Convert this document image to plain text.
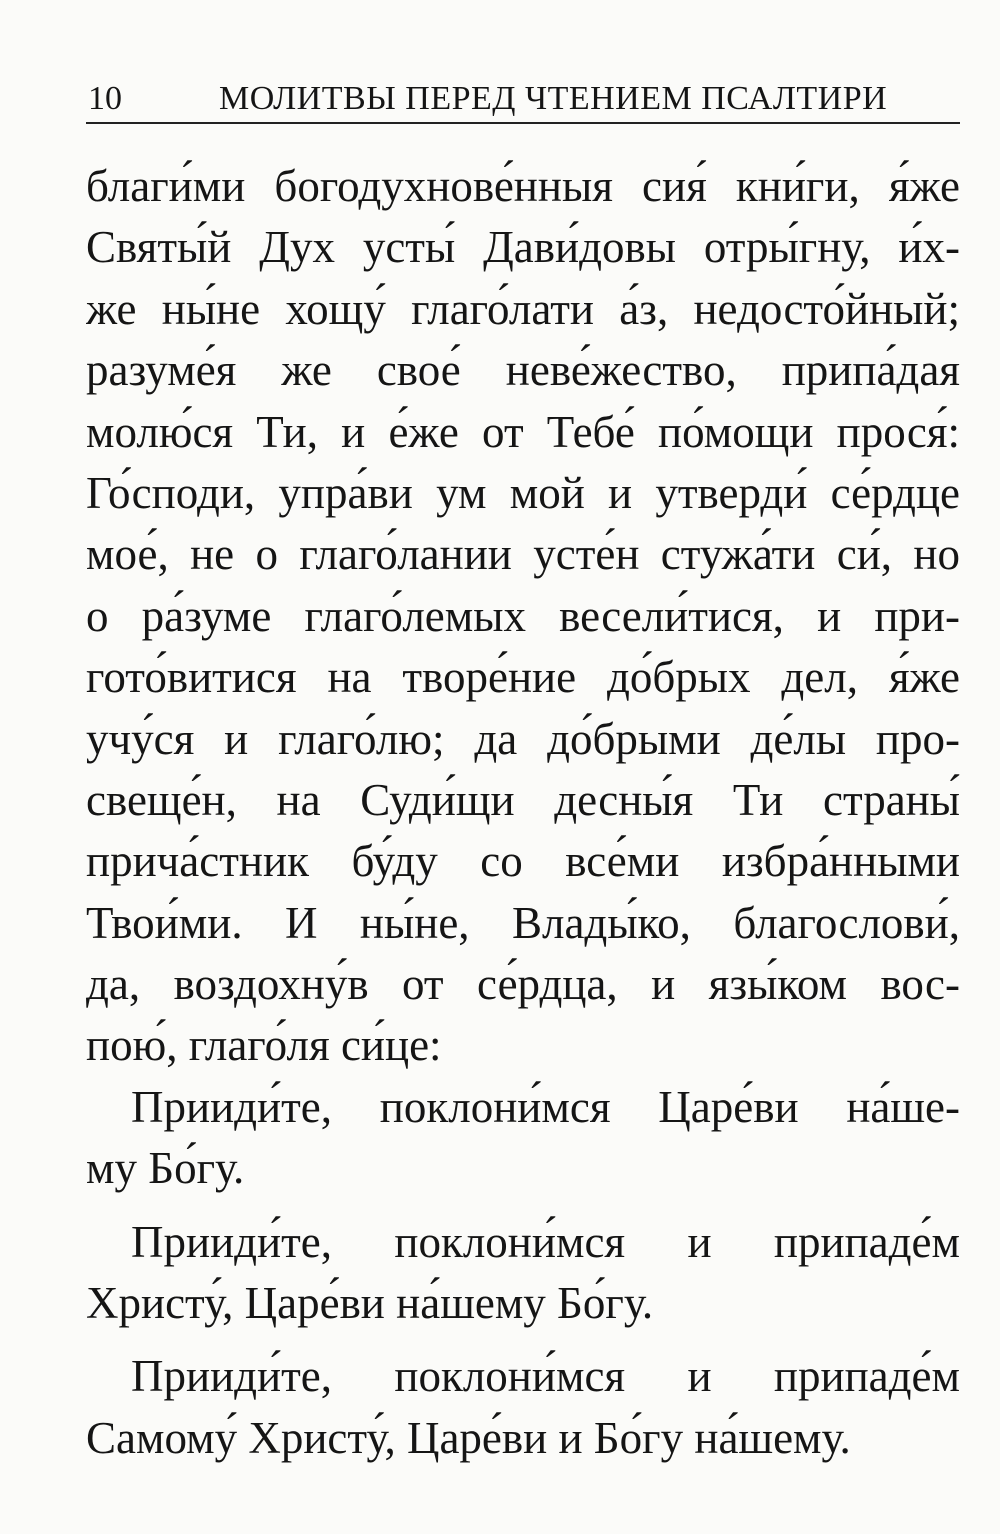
10	МОЛИТВЫ ПЕРЕД ЧТЕНИЕМ ПСАЛТИРИ
благи́ми богодухнове́нныя сия́ кни́ги, я́же
Святы́й Дух усты́ Дави́довы отры́гну, и́х-
же ны́не хощу́ глаго́лати а́з, недосто́йный;
разуме́я же свое́ неве́жество, припа́дая
молю́ся Ти, и е́же от Тебе́ по́мощи прося́:
Го́споди, упра́ви ум мой и утверди́ се́рдце
мое́, не о глаго́лании усте́н стужа́ти си́, но
о ра́зуме глаго́лемых весели́тися, и при-
гото́витися на творе́ние до́брых дел, я́же
учу́ся и глаго́лю; да до́брыми де́лы про-
свеще́н, на Суди́щи десны́я Ти страны́
прича́стник бу́ду со все́ми избра́нными
Твои́ми. И ны́не, Влады́ко, благослови́,
да, воздохну́в от се́рдца, и язы́ком вос-
пою́, глаго́ля си́це:
Прииди́те, поклони́мся Царе́ви на́ше-
му Бо́гу.
Прииди́те, поклони́мся и припаде́м
Христу́, Царе́ви на́шему Бо́гу.
Прииди́те, поклони́мся и припаде́м
Самому́ Христу́, Царе́ви и Бо́гу на́шему.
